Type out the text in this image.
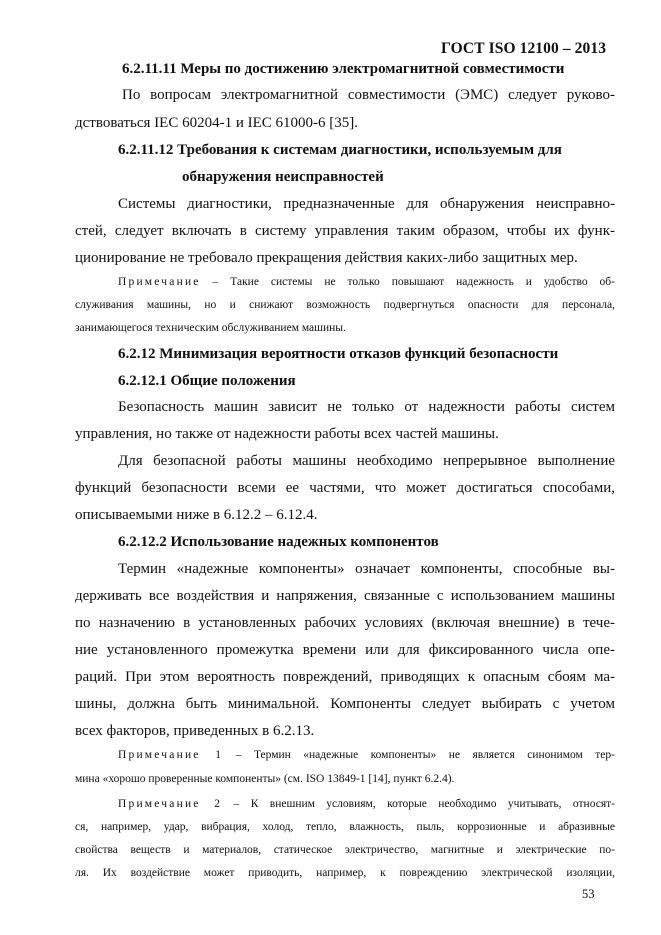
ГОСТ ISO 12100 – 2013
6.2.11.11 Меры по достижению электромагнитной совместимости
По вопросам электромагнитной совместимости (ЭМС) следует руково-
дствоваться IEC 60204-1 и IEC 61000-6 [35].
6.2.11.12 Требования к системам диагностики, используемым для
обнаружения неисправностей
Системы диагностики, предназначенные для обнаружения неисправно-
стей, следует включать в систему управления таким образом, чтобы их функ-
ционирование не требовало прекращения действия каких-либо защитных мер.
Примечание – Такие системы не только повышают надежность и удобство об-
служивания машины, но и снижают возможность подвергнуться опасности для персонала,
занимающегося техническим обслуживанием машины.
6.2.12 Минимизация вероятности отказов функций безопасности
6.2.12.1 Общие положения
Безопасность машин зависит не только от надежности работы систем
управления, но также от надежности работы всех частей машины.
Для безопасной работы машины необходимо непрерывное выполнение
функций безопасности всеми ее частями, что может достигаться способами,
описываемыми ниже в 6.12.2 – 6.12.4.
6.2.12.2 Использование надежных компонентов
Термин «надежные компоненты» означает компоненты, способные вы-
держивать все воздействия и напряжения, связанные с использованием машины
по назначению в установленных рабочих условиях (включая внешние) в тече-
ние установленного промежутка времени или для фиксированного числа опе-
раций. При этом вероятность повреждений, приводящих к опасным сбоям ма-
шины, должна быть минимальной. Компоненты следует выбирать с учетом
всех факторов, приведенных в 6.2.13.
Примечание 1 – Термин «надежные компоненты» не является синонимом тер-
мина «хорошо проверенные компоненты» (см. ISO 13849-1 [14], пункт 6.2.4).
Примечание 2 – К внешним условиям, которые необходимо учитывать, относят-
ся, например, удар, вибрация, холод, тепло, влажность, пыль, коррозионные и абразивные
свойства веществ и материалов, статическое электричество, магнитные и электрические по-
ля. Их воздействие может приводить, например, к повреждению электрической изоляции,
53
